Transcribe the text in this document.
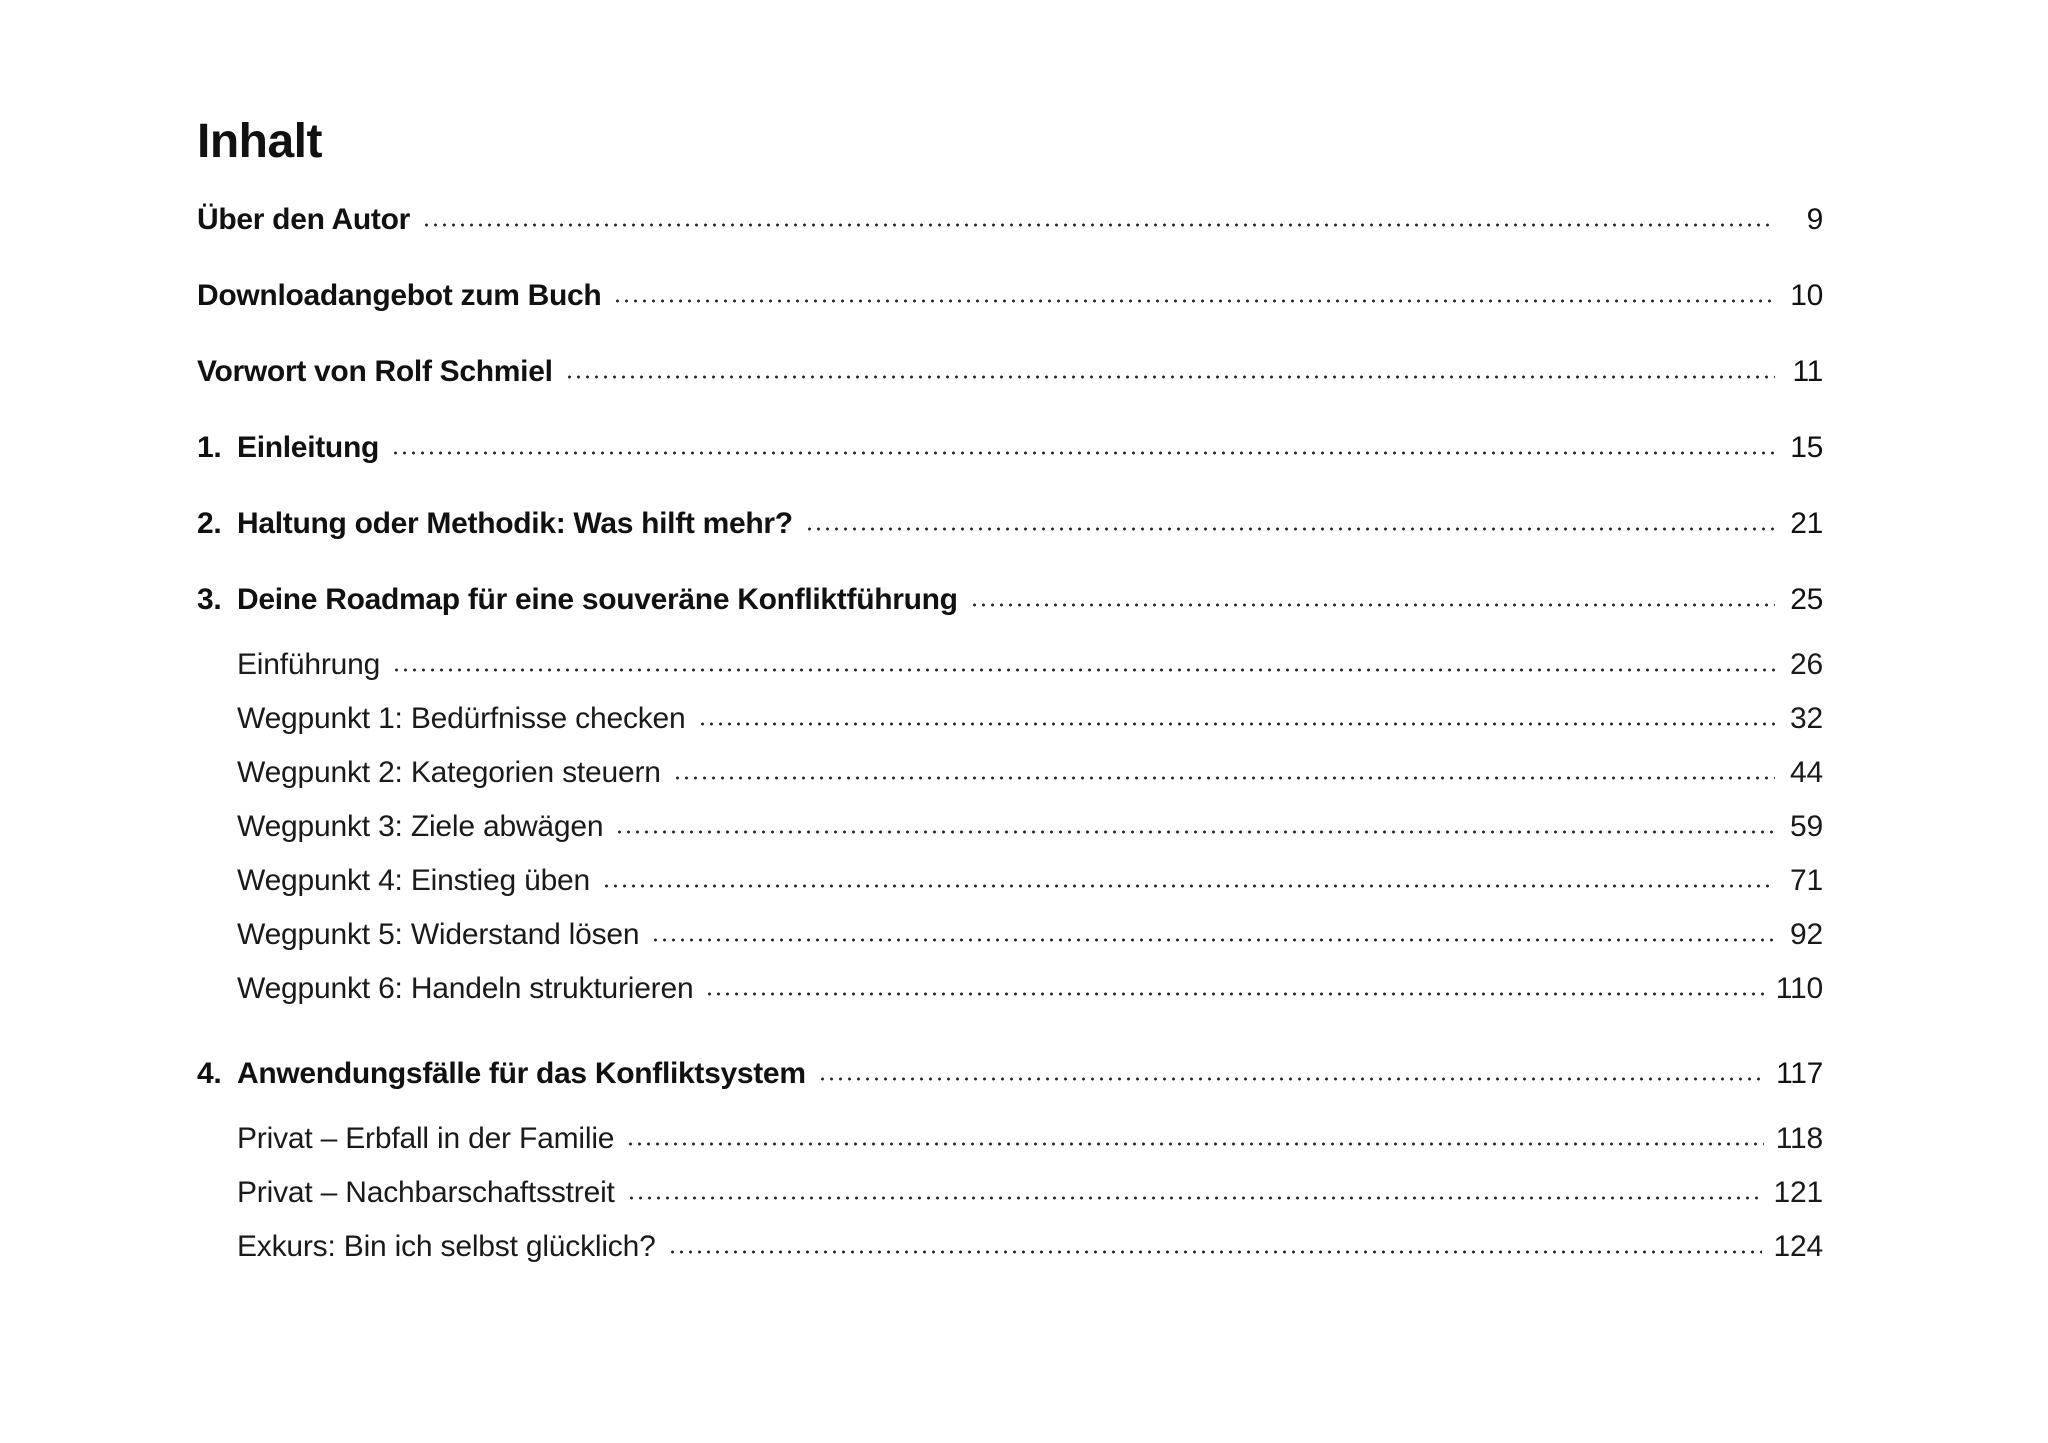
Inhalt
Über den Autor	9
Downloadangebot zum Buch	10
Vorwort von Rolf Schmiel	11
1. Einleitung	15
2. Haltung oder Methodik: Was hilft mehr?	21
3. Deine Roadmap für eine souveräne Konfliktführung	25
Einführung	26
Wegpunkt 1: Bedürfnisse checken	32
Wegpunkt 2: Kategorien steuern	44
Wegpunkt 3: Ziele abwägen	59
Wegpunkt 4: Einstieg üben	71
Wegpunkt 5: Widerstand lösen	92
Wegpunkt 6: Handeln strukturieren	110
4. Anwendungsfälle für das Konfliktsystem	117
Privat – Erbfall in der Familie	118
Privat – Nachbarschaftsstreit	121
Exkurs: Bin ich selbst glücklich?	124
